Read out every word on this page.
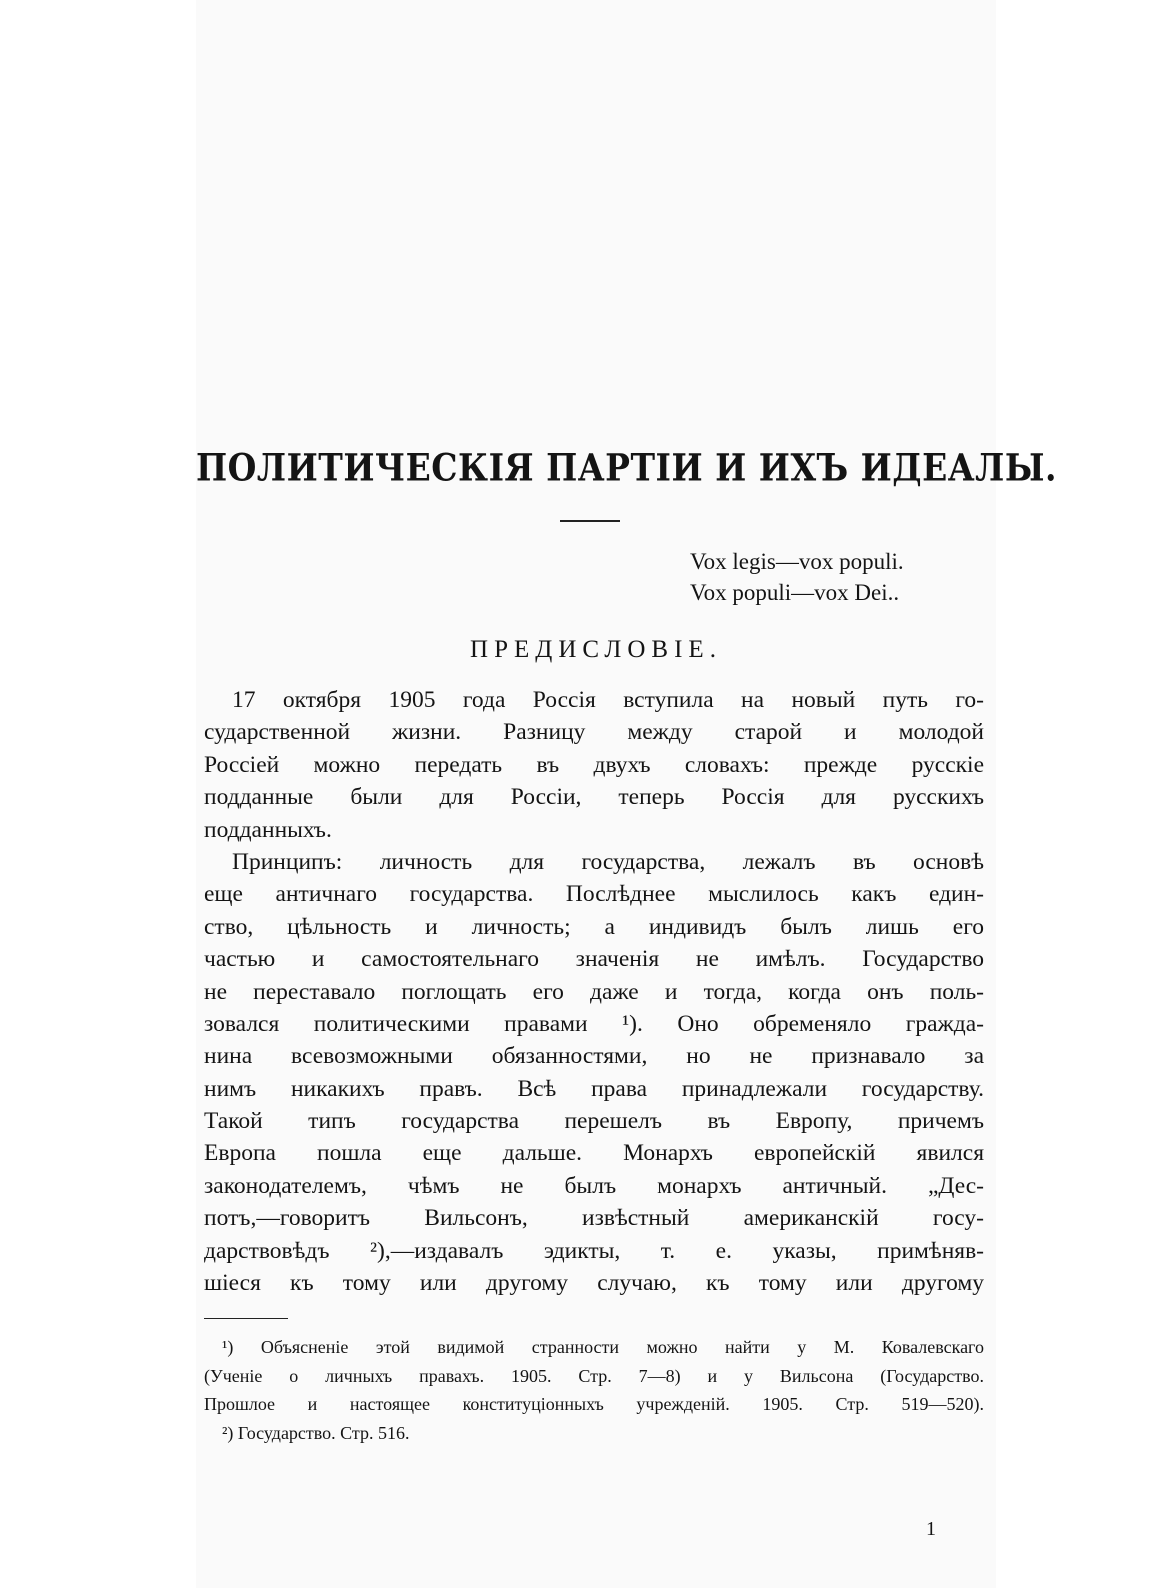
ПОЛИТИЧЕСКІЯ ПАРТІИ И ИХЪ ИДЕАЛЫ.
Vox legis—vox populi.
Vox populi—vox Dei..
ПРЕДИСЛОВІЕ.
17 октября 1905 года Россія вступила на новый путь го-
сударственной жизни. Разницу между старой и молодой
Россіей можно передать въ двухъ словахъ: прежде русскіе
подданные были для Россіи, теперь Россія для русскихъ
подданныхъ.
Принципъ: личность для государства, лежалъ въ основѣ
еще античнаго государства. Послѣднее мыслилось какъ един-
ство, цѣльность и личность; а индивидъ былъ лишь его
частью и самостоятельнаго значенія не имѣлъ. Государство
не переставало поглощать его даже и тогда, когда онъ поль-
зовался политическими правами ¹). Оно обременяло гражда-
нина всевозможными обязанностями, но не признавало за
нимъ никакихъ правъ. Всѣ права принадлежали государству.
Такой типъ государства перешелъ въ Европу, причемъ
Европа пошла еще дальше. Монархъ европейскій явился
законодателемъ, чѣмъ не былъ монархъ античный. „Дес-
потъ,—говоритъ Вильсонъ, извѣстный американскій госу-
дарствовѣдъ ²),—издавалъ эдикты, т. е. указы, примѣняв-
шіеся къ тому или другому случаю, къ тому или другому
¹) Объясненіе этой видимой странности можно найти у М. Ковалевскаго
(Ученіе о личныхъ правахъ. 1905. Стр. 7—8) и у Вильсона (Государство.
Прошлое и настоящее конституціонныхъ учрежденій. 1905. Стр. 519—520).
²) Государство. Стр. 516.
1
